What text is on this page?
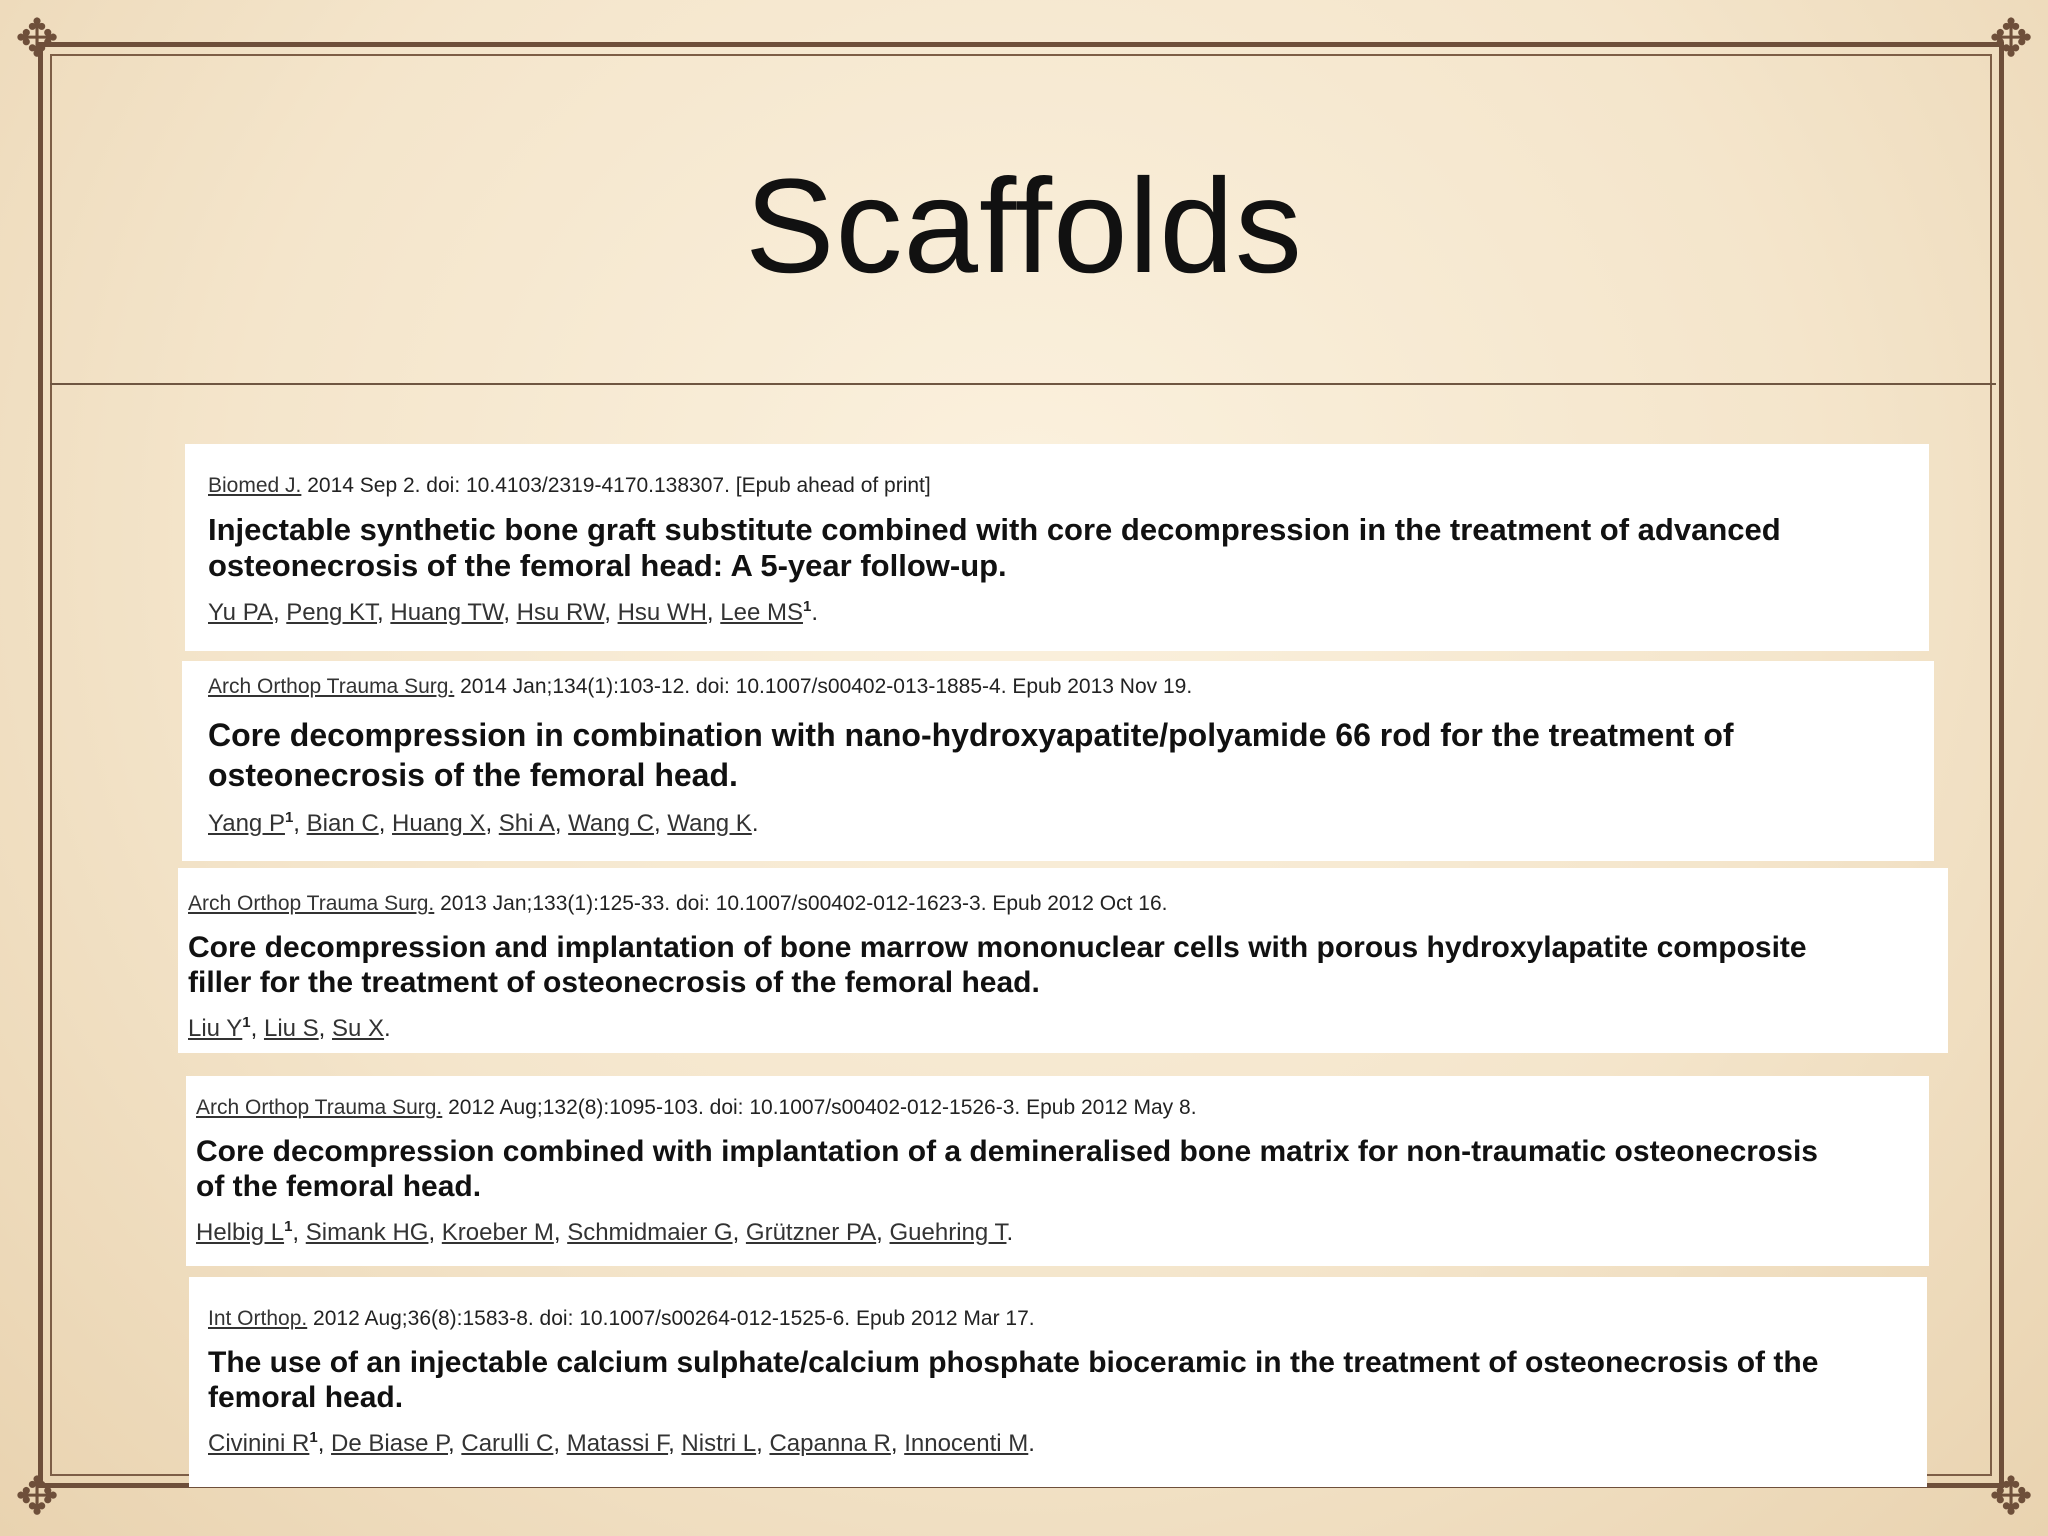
✥	✥
✥	✥
Scaffolds
Biomed J. 2014 Sep 2. doi: 10.4103/2319-4170.138307. [Epub ahead of print]
Injectable synthetic bone graft substitute combined with core decompression in the treatment of advanced
osteonecrosis of the femoral head: A 5-year follow-up.
Yu PA, Peng KT, Huang TW, Hsu RW, Hsu WH, Lee $MS^1$.
Arch Orthop Trauma Surg. 2014 Jan;134(1):103-12. doi: 10.1007/s00402-013-1885-4. Epub 2013 Nov 19.
Core decompression in combination with nano-hydroxyapatite/polyamide 66 rod for the treatment of
osteonecrosis of the femoral head.
Yang $P^1$, Bian C, Huang X, Shi A, Wang C, Wang K.
Arch Orthop Trauma Surg. 2013 Jan;133(1):125-33. doi: 10.1007/s00402-012-1623-3. Epub 2012 Oct 16.
Core decompression and implantation of bone marrow mononuclear cells with porous hydroxylapatite composite
filler for the treatment of osteonecrosis of the femoral head.
Liu $Y^1$, Liu S, Su X.
Arch Orthop Trauma Surg. 2012 Aug;132(8):1095-103. doi: 10.1007/s00402-012-1526-3. Epub 2012 May 8.
Core decompression combined with implantation of a demineralised bone matrix for non-traumatic osteonecrosis
of the femoral head.
Helbig $L^1$, Simank HG, Kroeber M, Schmidmaier G, Grützner PA, Guehring T.
Int Orthop. 2012 Aug;36(8):1583-8. doi: 10.1007/s00264-012-1525-6. Epub 2012 Mar 17.
The use of an injectable calcium sulphate/calcium phosphate bioceramic in the treatment of osteonecrosis of the
femoral head.
Civinini $R^1$, De Biase P, Carulli C, Matassi F, Nistri L, Capanna R, Innocenti M.
